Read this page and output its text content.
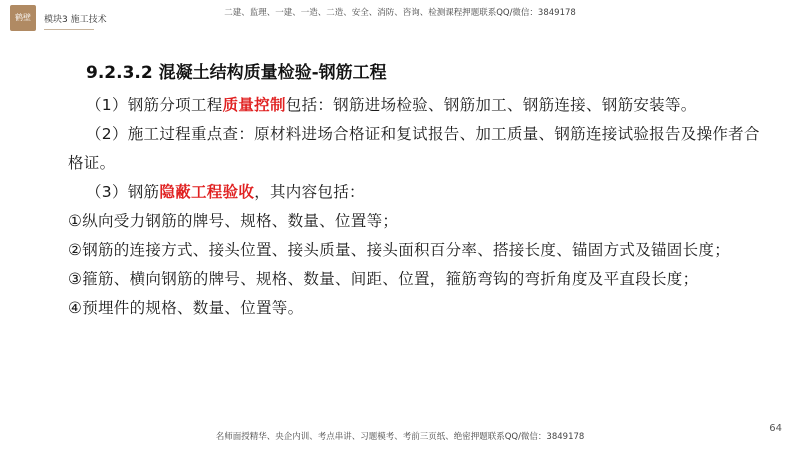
鹤壁	模块3 施工技术
二建、监理、一建、一造、二造、安全、消防、咨询、检测课程押题联系QQ/微信：3849178

9.2.3.2 混凝土结构质量检验-钢筋工程

（1）钢筋分项工程质量控制包括：钢筋进场检验、钢筋加工、钢筋连接、钢筋安装等。

（2）施工过程重点查：原材料进场合格证和复试报告、加工质量、钢筋连接试验报告及操作者合格证。

（3）钢筋隐蔽工程验收，其内容包括：

①纵向受力钢筋的牌号、规格、数量、位置等；

②钢筋的连接方式、接头位置、接头质量、接头面积百分率、搭接长度、锚固方式及锚固长度；

③箍筋、横向钢筋的牌号、规格、数量、间距、位置，箍筋弯钩的弯折角度及平直段长度；

④预埋件的规格、数量、位置等。

64
名师面授精华、央企内训、考点串讲、习题模考、考前三页纸、绝密押题联系QQ/微信：3849178
